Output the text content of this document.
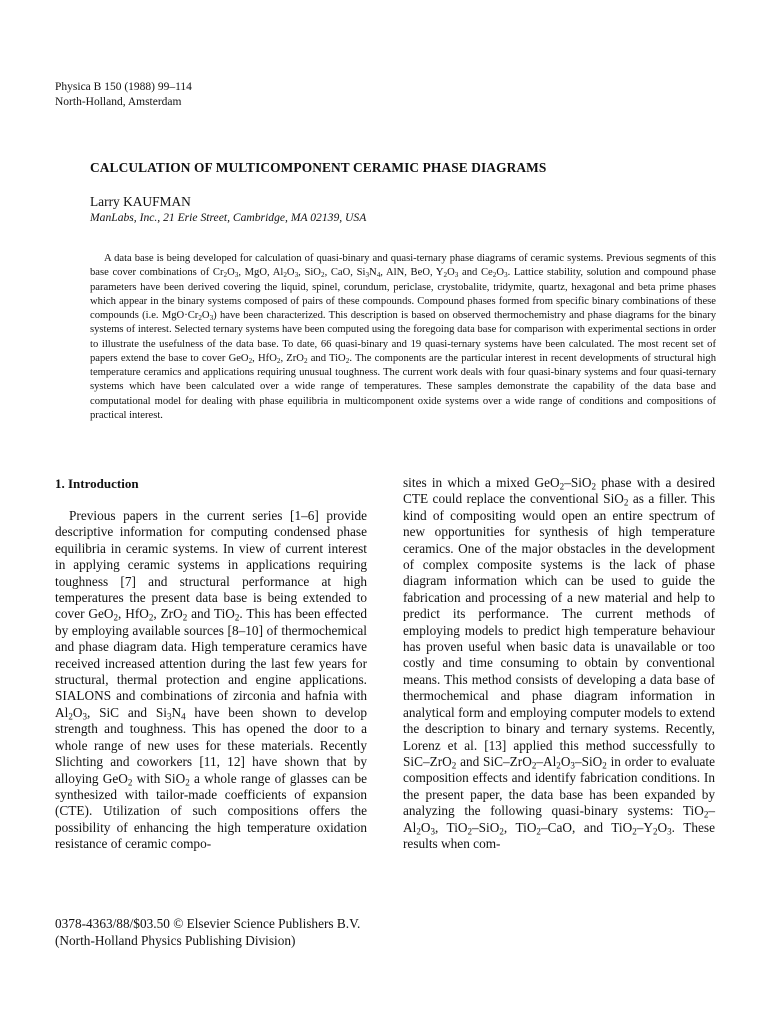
Physica B 150 (1988) 99–114
North-Holland, Amsterdam
CALCULATION OF MULTICOMPONENT CERAMIC PHASE DIAGRAMS
Larry KAUFMAN
ManLabs, Inc., 21 Erie Street, Cambridge, MA 02139, USA

A data base is being developed for calculation of quasi-binary and quasi-ternary phase diagrams of ceramic systems. Previous segments of this base cover combinations of $Cr_2O_3$, MgO, $Al_2O_3$, SiO$_2$, CaO, $Si_3N_4$, AlN, BeO, $Y_2O_3$ and $Ce_2O_3$. Lattice stability, solution and compound phase parameters have been derived covering the liquid, spinel, corundum, periclase, crystobalite, tridymite, quartz, hexagonal and beta prime phases which appear in the binary systems composed of pairs of these compounds. Compound phases formed from specific binary combinations of these compounds (i.e. $MgO\cdot Cr_2O_3$) have been characterized. This description is based on observed thermochemistry and phase diagrams for the binary systems of interest. Selected ternary systems have been computed using the foregoing data base for comparison with experimental sections in order to illustrate the usefulness of the data base. To date, 66 quasi-binary and 19 quasi-ternary systems have been calculated. The most recent set of papers extend the base to cover GeO$_2$, HfO$_2$, ZrO$_2$ and TiO$_2$. The components are the particular interest in recent developments of structural high temperature ceramics and applications requiring unusual toughness. The current work deals with four quasi-binary systems and four quasi-ternary systems which have been calculated over a wide range of temperatures. These samples demonstrate the capability of the data base and computational model for dealing with phase equilibria in multicomponent oxide systems over a wide range of conditions and compositions of practical interest.

1. Introduction

Previous papers in the current series [1–6] provide descriptive information for computing condensed phase equilibria in ceramic systems. In view of current interest in applying ceramic systems in applications requiring toughness [7] and structural performance at high temperatures the present data base is being extended to cover GeO$_2$, HfO$_2$, ZrO$_2$ and TiO$_2$. This has been effected by employing available sources [8–10] of thermochemical and phase diagram data. High temperature ceramics have received increased attention during the last few years for structural, thermal protection and engine applications. SIALONS and combinations of zirconia and hafnia with $Al_2O_3$, SiC and $Si_3N_4$ have been shown to develop strength and toughness. This has opened the door to a whole range of new uses for these materials. Recently Slichting and coworkers [11, 12] have shown that by alloying GeO$_2$ with SiO$_2$ a whole range of glasses can be synthesized with tailor-made coefficients of expansion (CTE). Utilization of such compositions offers the possibility of enhancing the high temperature oxidation resistance of ceramic compo-

sites in which a mixed GeO$_2$–SiO$_2$ phase with a desired CTE could replace the conventional SiO$_2$ as a filler. This kind of compositing would open an entire spectrum of new opportunities for synthesis of high temperature ceramics. One of the major obstacles in the development of complex composite systems is the lack of phase diagram information which can be used to guide the fabrication and processing of a new material and help to predict its performance. The current methods of employing models to predict high temperature behaviour has proven useful when basic data is unavailable or too costly and time consuming to obtain by conventional means. This method consists of developing a data base of thermochemical and phase diagram information in analytical form and employing computer models to extend the description to binary and ternary systems. Recently, Lorenz et al. [13] applied this method successfully to SiC–ZrO$_2$ and SiC–$ZrO_2-Al_2O_3-SiO_2$ in order to evaluate composition effects and identify fabrication conditions. In the present paper, the data base has been expanded by analyzing the following quasi-binary systems: $TiO_2-Al_2O_3$, TiO$_2$–SiO$_2$, TiO$_2$–CaO, and $TiO_2-Y_2O_3$. These results when com-

0378-4363/88/$03.50 © Elsevier Science Publishers B.V.
(North-Holland Physics Publishing Division)
